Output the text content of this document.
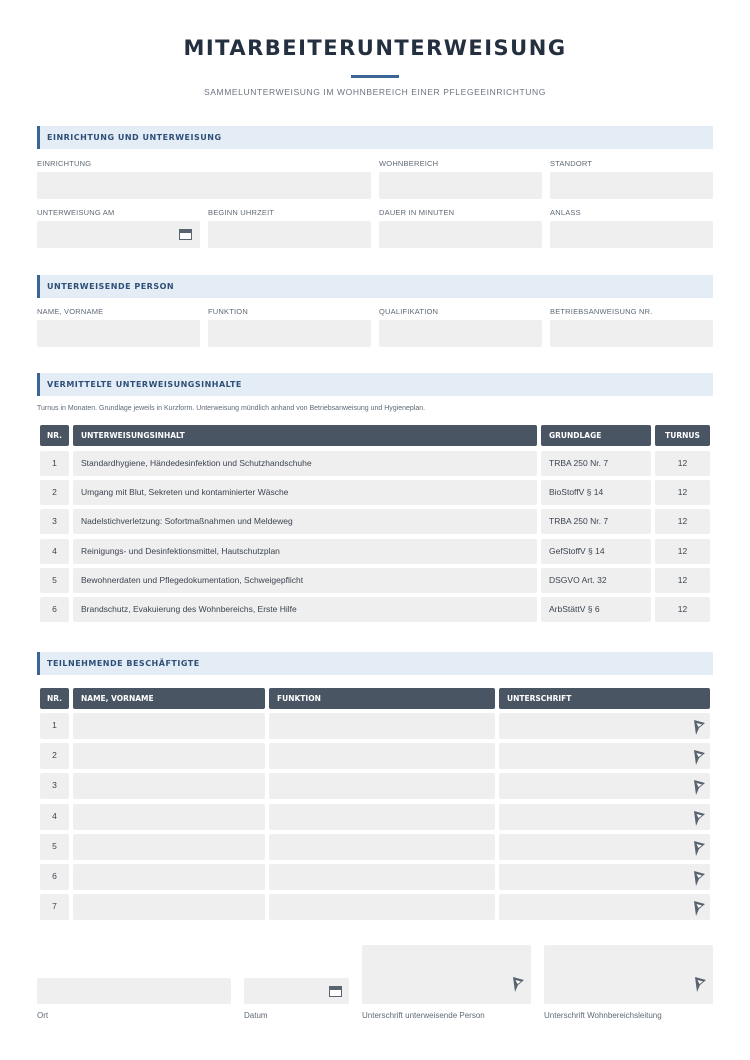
MITARBEITERUNTERWEISUNG
SAMMELUNTERWEISUNG IM WOHNBEREICH EINER PFLEGEEINRICHTUNG
EINRICHTUNG UND UNTERWEISUNG
EINRICHTUNG	WOHNBEREICH	STANDORT
UNTERWEISUNG AM	BEGINN UHRZEIT	DAUER IN MINUTEN	ANLASS
UNTERWEISENDE PERSON
NAME, VORNAME	FUNKTION	QUALIFIKATION	BETRIEBSANWEISUNG NR.
VERMITTELTE UNTERWEISUNGSINHALTE
Turnus in Monaten. Grundlage jeweils in Kurzform. Unterweisung mündlich anhand von Betriebsanweisung und Hygieneplan.
NR.	UNTERWEISUNGSINHALT	GRUNDLAGE	TURNUS
1	Standardhygiene, Händedesinfektion und Schutzhandschuhe	TRBA 250 Nr. 7	12
2	Umgang mit Blut, Sekreten und kontaminierter Wäsche	BioStoffV § 14	12
3	Nadelstichverletzung: Sofortmaßnahmen und Meldeweg	TRBA 250 Nr. 7	12
4	Reinigungs- und Desinfektionsmittel, Hautschutzplan	GefStoffV § 14	12
5	Bewohnerdaten und Pflegedokumentation, Schweigepflicht	DSGVO Art. 32	12
6	Brandschutz, Evakuierung des Wohnbereichs, Erste Hilfe	ArbStättV § 6	12
TEILNEHMENDE BESCHÄFTIGTE
NR.	NAME, VORNAME	FUNKTION	UNTERSCHRIFT
1
2
3
4
5
6
7
Ort	Datum	Unterschrift unterweisende Person	Unterschrift Wohnbereichsleitung
